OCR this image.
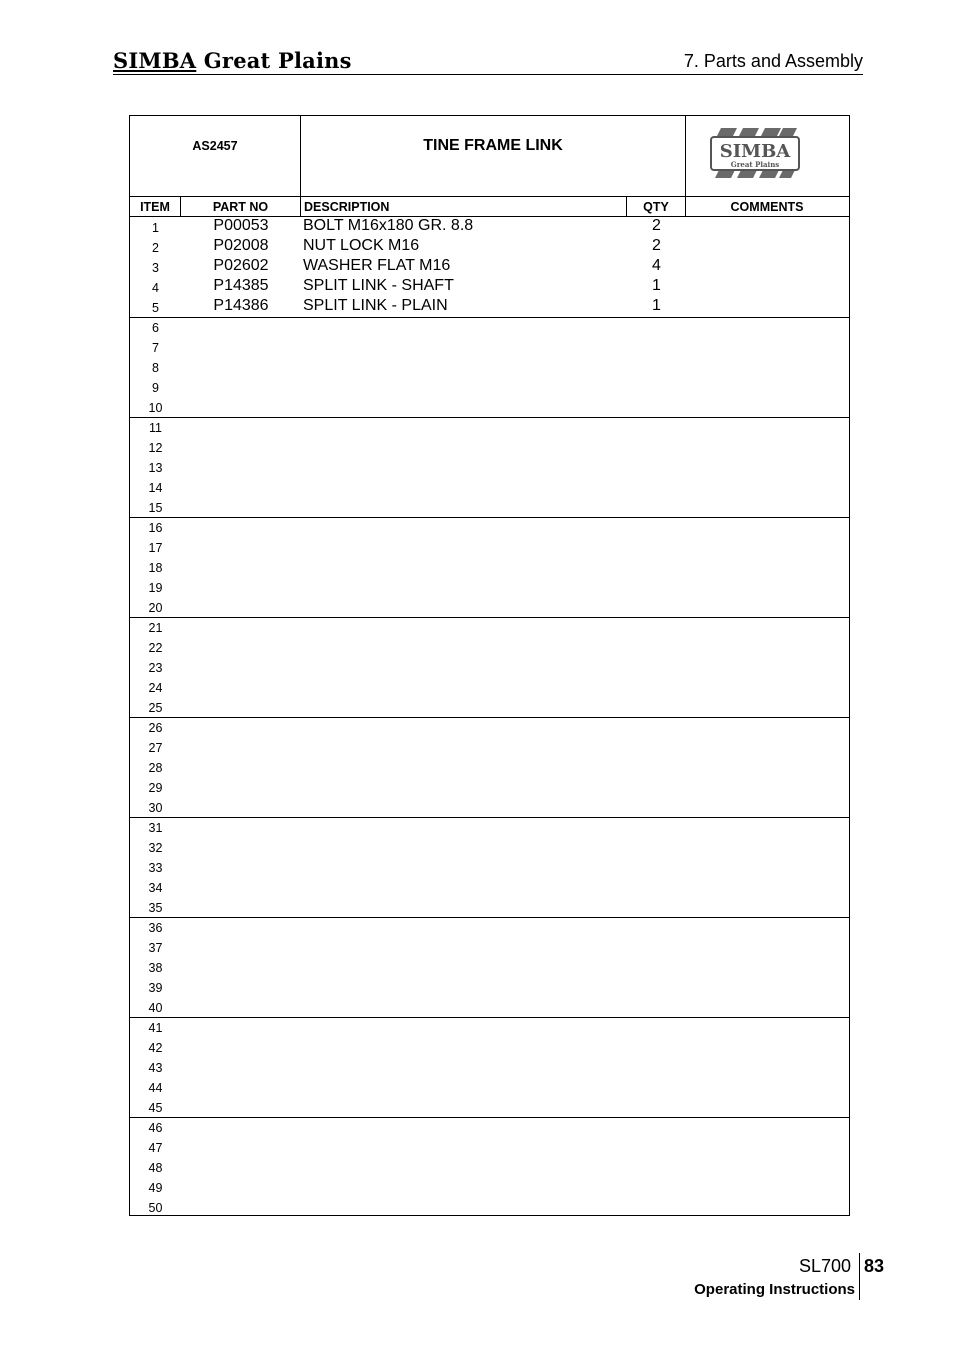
SIMBA Great Plains	7. Parts and Assembly
AS2457	TINE FRAME LINK	SIMBA
Great Plains
ITEM	PART NO	DESCRIPTION	QTY	COMMENTS
1	P00053	BOLT M16x180 GR. 8.8	2
2	P02008	NUT LOCK M16	2
3	P02602	WASHER FLAT M16	4
4	P14385	SPLIT LINK - SHAFT	1
5	P14386	SPLIT LINK - PLAIN	1
6
7
8
9
10
11
12
13
14
15
16
17
18
19
20
21
22
23
24
25
26
27
28
29
30
31
32
33
34
35
36
37
38
39
40
41
42
43
44
45
46
47
48
49
50
SL700 83
Operating Instructions
